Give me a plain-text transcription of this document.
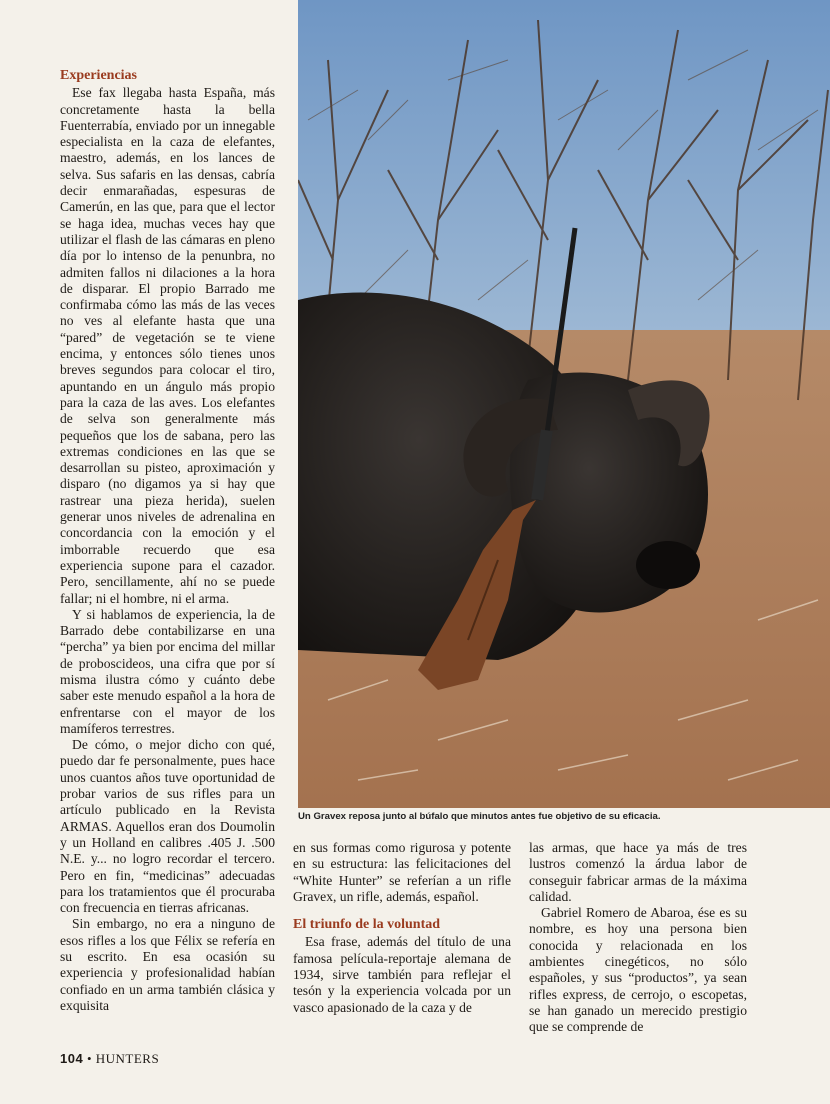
Experiencias

Ese fax llegaba hasta España, más concretamente hasta la bella Fuenterrabía, enviado por un innegable especialista en la caza de elefantes, maestro, además, en los lances de selva. Sus safaris en las densas, cabría decir enmarañadas, espesuras de Camerún, en las que, para que el lector se haga idea, muchas veces hay que utilizar el flash de las cámaras en pleno día por lo intenso de la penunbra, no admiten fallos ni dilaciones a la hora de disparar. El propio Barrado me confirmaba cómo las más de las veces no ves al elefante hasta que una “pared” de vegetación se te viene encima, y entonces sólo tienes unos breves segundos para colocar el tiro, apuntando en un ángulo más propio para la caza de las aves. Los elefantes de selva son generalmente más pequeños que los de sabana, pero las extremas condiciones en las que se desarrollan su pisteo, aproximación y disparo (no digamos ya si hay que rastrear una pieza herida), suelen generar unos niveles de adrenalina en concordancia con la emoción y el imborrable recuerdo que esa experiencia supone para el cazador. Pero, sencillamente, ahí no se puede fallar; ni el hombre, ni el arma.

Y si hablamos de experiencia, la de Barrado debe contabilizarse en una “percha” ya bien por encima del millar de proboscideos, una cifra que por sí misma ilustra cómo y cuánto debe saber este menudo español a la hora de enfrentarse con el mayor de los mamíferos terrestres.

De cómo, o mejor dicho con qué, puedo dar fe personalmente, pues hace unos cuantos años tuve oportunidad de probar varios de sus rifles para un artículo publicado en la Revista ARMAS. Aquellos eran dos Doumolin y un Holland en calibres .405 J. .500 N.E. y... no logro recordar el tercero. Pero en fin, “medicinas” adecuadas para los tratamientos que él procuraba con frecuencia en tierras africanas.

Sin embargo, no era a ninguno de esos rifles a los que Félix se refería en su escrito. En esa ocasión su experiencia y profesionalidad habían confiado en un arma también clásica y exquisita

Un Gravex reposa junto al búfalo que minutos antes fue objetivo de su eficacia.

en sus formas como rigurosa y potente en su estructura: las felicitaciones del “White Hunter” se referían a un rifle Gravex, un rifle, además, español.

El triunfo de la voluntad

Esa frase, además del título de una famosa película-reportaje alemana de 1934, sirve también para reflejar el tesón y la experiencia volcada por un vasco apasionado de la caza y de

las armas, que hace ya más de tres lustros comenzó la árdua labor de conseguir fabricar armas de la máxima calidad.

Gabriel Romero de Abaroa, ése es su nombre, es hoy una persona bien conocida y relacionada en los ambientes cinegéticos, no sólo españoles, y sus “productos”, ya sean rifles express, de cerrojo, o escopetas, se han ganado un merecido prestigio que se comprende de

104 • HUNTERS
